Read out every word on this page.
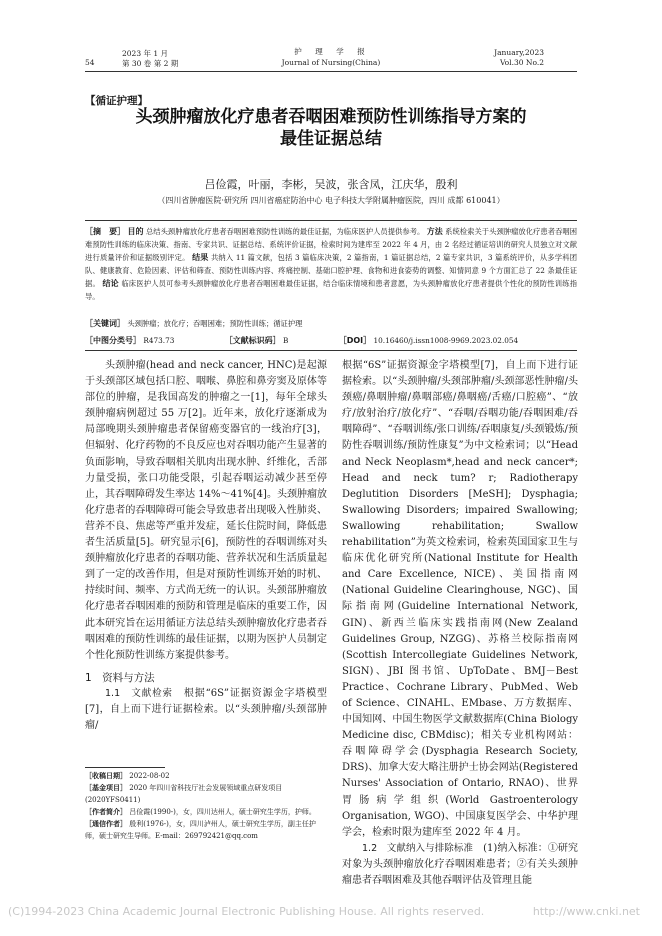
54
2023 年 1 月
第 30 卷 第 2 期
护　理　学　报
Journal of Nursing(China)
January,2023
Vol.30 No.2
【循证护理】
头颈肿瘤放化疗患者吞咽困难预防性训练指导方案的
最佳证据总结
吕俭霞，叶丽，李彬，吴波，张含凤，江庆华，殷利
（四川省肿瘤医院·研究所 四川省癌症防治中心 电子科技大学附属肿瘤医院，四川 成都 610041）
［摘　要］ 目的 总结头颈肿瘤放化疗患者吞咽困难预防性训练的最佳证据，为临床医护人员提供参考。 方法 系统检索关于头颈肿瘤放化疗患者吞咽困难预防性训练的临床决策、指南、专家共识、证据总结、系统评价证据，检索时间为建库至 2022 年 4 月，由 2 名经过循证培训的研究人员独立对文献进行质量评价和证据级别评定。 结果 共纳入 11 篇文献，包括 3 篇临床决策，2 篇指南，1 篇证据总结，2 篇专家共识，3 篇系统评价，从多学科团队、健康教育、危险因素、评估和筛查、预防性训练内容、疼痛控制、基础口腔护理、食物和进食姿势的调整、知情同意 9 个方面汇总了 22 条最佳证据。 结论 临床医护人员可参考头颈肿瘤放化疗患者吞咽困难最佳证据，结合临床情境和患者意愿，为头颈肿瘤放化疗患者提供个性化的预防性训练指导。
［关键词］ 头颈肿瘤；放化疗；吞咽困难；预防性训练；循证护理
［中图分类号］ R473.73	［文献标识码］ B	［DOI］ 10.16460/j.issn1008-9969.2023.02.054

头颈肿瘤(head and neck cancer, HNC)是起源于头颈部区域包括口腔、咽喉、鼻腔和鼻旁窦及原体等部位的肿瘤，是我国高发的肿瘤之一[1]，每年全球头颈肿瘤病例超过 55 万[2]。近年来，放化疗逐渐成为局部晚期头颈肿瘤患者保留癌变器官的一线治疗[3]，但辐射、化疗药物的不良反应也对吞咽功能产生显著的负面影响，导致吞咽相关肌肉出现水肿、纤维化，舌部力量受损，张口功能受限，引起吞咽运动减少甚至停止，其吞咽障碍发生率达 14%～41%[4]。头颈肿瘤放化疗患者的吞咽障碍可能会导致患者出现吸入性肺炎、营养不良、焦虑等严重并发症，延长住院时间，降低患者生活质量[5]。研究显示[6]，预防性的吞咽训练对头颈肿瘤放化疗患者的吞咽功能、营养状况和生活质量起到了一定的改善作用，但是对预防性训练开始的时机、持续时间、频率、方式尚无统一的认识。头颈部肿瘤放化疗患者吞咽困难的预防和管理是临床的重要工作，因此本研究旨在运用循证方法总结头颈肿瘤放化疗患者吞咽困难的预防性训练的最佳证据，以期为医护人员制定个性化预防性训练方案提供参考。

1　资料与方法

1.1　文献检索　 根据“6S”证据资源金字塔模型[7]，自上而下进行证据检索。以“头颈肿瘤/头颈部肿瘤/

根据“6S”证据资源金字塔模型[7]，自上而下进行证据检索。以“头颈肿瘤/头颈部肿瘤/头颈部恶性肿瘤/头颈癌/鼻咽肿瘤/鼻咽部癌/鼻咽癌/舌癌/口腔癌”、“放疗/放射治疗/放化疗”、“吞咽/吞咽功能/吞咽困难/吞咽障碍”、“吞咽训练/张口训练/吞咽康复/头颈锻炼/预防性吞咽训练/预防性康复”为中文检索词；以“Head and Neck Neoplasm*,head and neck cancer*; Head and neck tum? r; Radiotherapy Deglutition Disorders [MeSH]; Dysphagia; Swallowing Disorders; impaired Swallowing; Swallowing rehabilitation; Swallow rehabilitation”为英文检索词，检索英国国家卫生与临床优化研究所(National Institute for Health and Care Excellence, NICE)、美国指南网(National Guideline Clearinghouse, NGC)、国际指南网(Guideline International Network, GIN)、新西兰临床实践指南网(New Zealand Guidelines Group, NZGG)、苏格兰校际指南网(Scottish Intercollegiate Guidelines Network, SIGN)、JBI 图书馆、UpToDate、BMJ－Best Practice、Cochrane Library、PubMed、Web of Science、CINAHL、EMbase、万方数据库、中国知网、中国生物医学文献数据库(China Biology Medicine disc, CBMdisc)；相关专业机构网站：吞咽障碍学会(Dysphagia Research Society, DRS)、加拿大安大略注册护士协会网站(Registered Nurses' Association of Ontario, RNAO)、世界胃肠病学组织(World Gastroenterology Organisation, WGO)、中国康复医学会、中华护理学会，检索时限为建库至 2022 年 4 月。

1.2　文献纳入与排除标准　 (1)纳入标准：①研究对象为头颈肿瘤放化疗吞咽困难患者；②有关头颈肿瘤患者吞咽困难及其他吞咽评估及管理且能

［收稿日期］ 2022-08-02

［基金项目］ 2020 年四川省科技厅社会发展领域重点研发项目(2020YFS0411)

［作者简介］ 吕俭霞(1990-)，女，四川达州人，硕士研究生学历，护师。

［通信作者］ 殷利(1976-)，女，四川泸州人，硕士研究生学历，副主任护师，硕士研究生导师。E-mail：269792421@qq.com

(C)1994-2023 China Academic Journal Electronic Publishing House. All rights reserved.	http://www.cnki.net
